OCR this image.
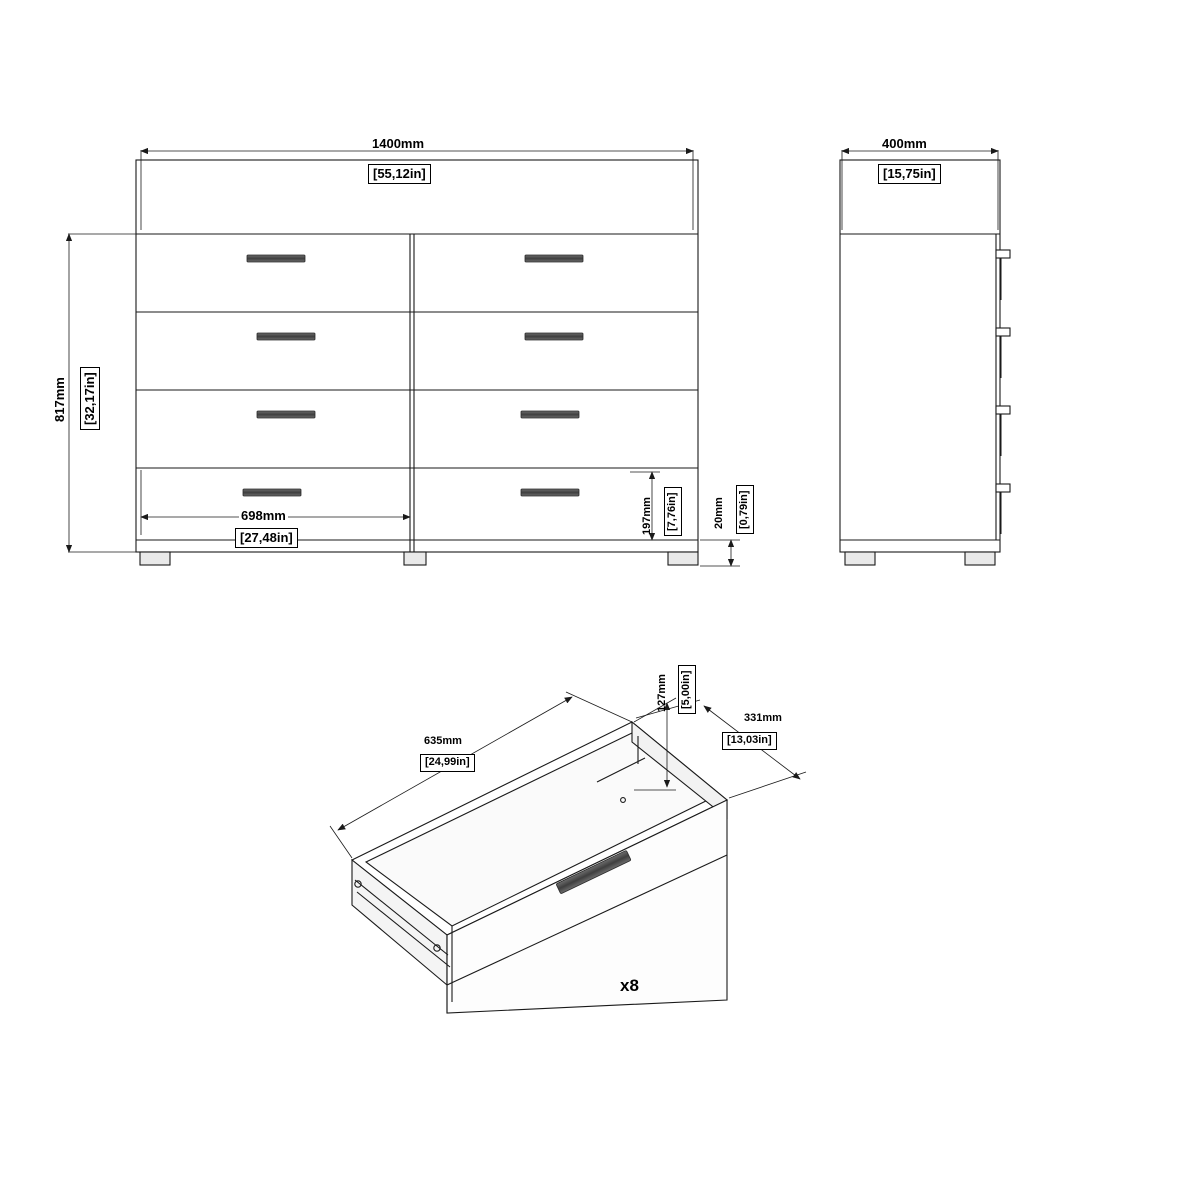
1400mm
[55,12in]
817mm [32,17in]
698mm
[27,48in]
197mm [7,76in]	20mm [0,79in]
400mm
[15,75in]
635mm
[24,99in]
127mm [5,00in]
331mm
[13,03in]
x8
